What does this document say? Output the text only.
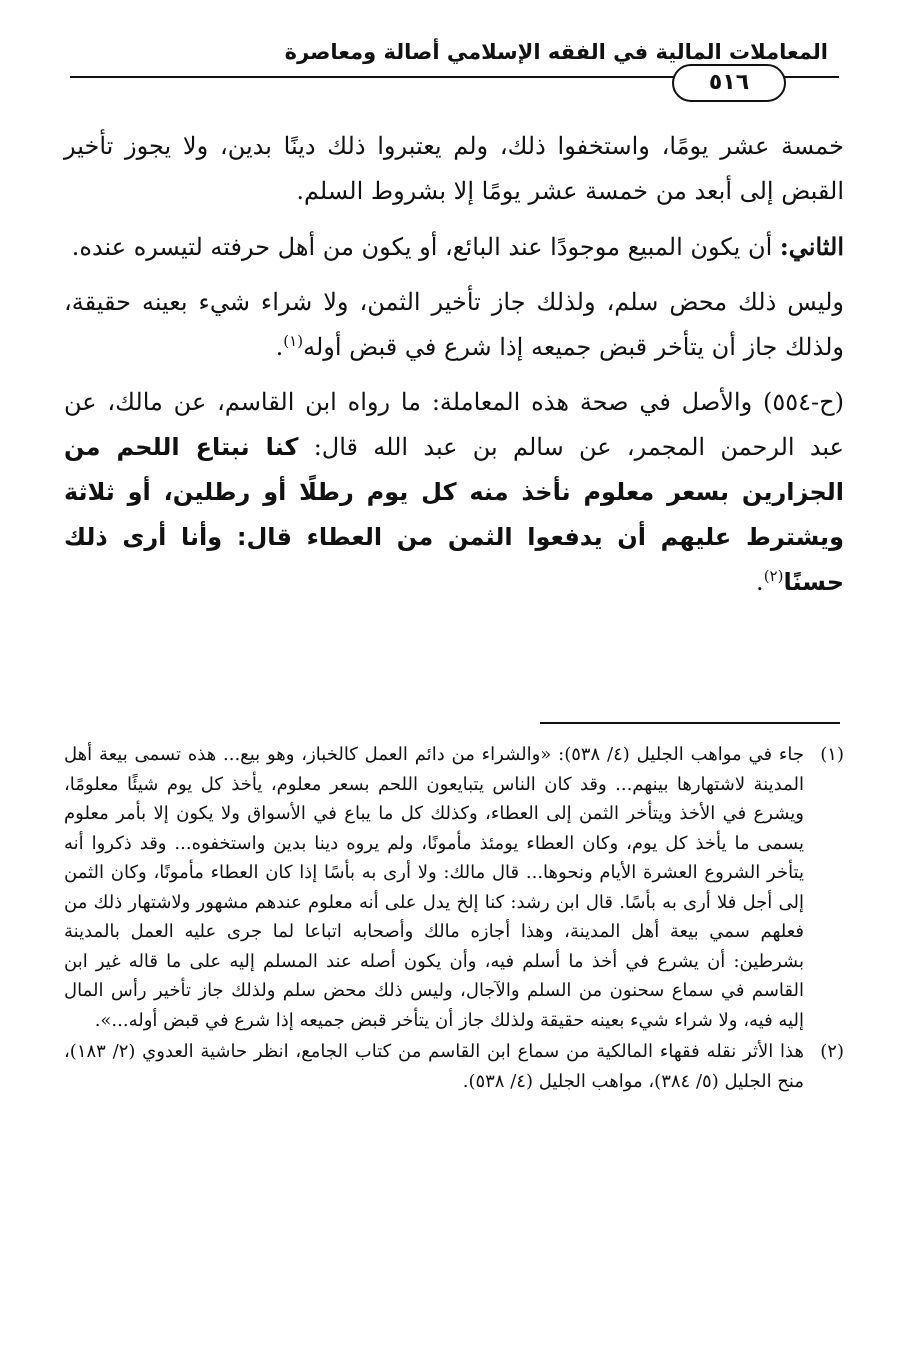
المعاملات المالية في الفقه الإسلامي أصالة ومعاصرة
٥١٦

خمسة عشر يومًا، واستخفوا ذلك، ولم يعتبروا ذلك دينًا بدين، ولا يجوز تأخير القبض إلى أبعد من خمسة عشر يومًا إلا بشروط السلم.

الثاني: أن يكون المبيع موجودًا عند البائع، أو يكون من أهل حرفته لتيسره عنده.

وليس ذلك محض سلم، ولذلك جاز تأخير الثمن، ولا شراء شيء بعينه حقيقة، ولذلك جاز أن يتأخر قبض جميعه إذا شرع في قبض أوله$^{(١)}$.

(ح-٥٥٤) والأصل في صحة هذه المعاملة: ما رواه ابن القاسم، عن مالك، عن عبد الرحمن المجمر، عن سالم بن عبد الله قال: كنا نبتاع اللحم من الجزارين بسعر معلوم نأخذ منه كل يوم رطلًا أو رطلين، أو ثلاثة ويشترط عليهم أن يدفعوا الثمن من العطاء قال: وأنا أرى ذلك حسنًا$^{(٢)}$.

(١)
جاء في مواهب الجليل (٤/ ٥٣٨): «والشراء من دائم العمل كالخباز، وهو بيع... هذه تسمى بيعة أهل المدينة لاشتهارها بينهم... وقد كان الناس يتبايعون اللحم بسعر معلوم، يأخذ كل يوم شيئًا معلومًا، ويشرع في الأخذ ويتأخر الثمن إلى العطاء، وكذلك كل ما يباع في الأسواق ولا يكون إلا بأمر معلوم يسمى ما يأخذ كل يوم، وكان العطاء يومئذ مأمونًا، ولم يروه دينا بدين واستخفوه... وقد ذكروا أنه يتأخر الشروع العشرة الأيام ونحوها... قال مالك: ولا أرى به بأسًا إذا كان العطاء مأمونًا، وكان الثمن إلى أجل فلا أرى به بأسًا. قال ابن رشد: كنا إلخ يدل على أنه معلوم عندهم مشهور ولاشتهار ذلك من فعلهم سمي بيعة أهل المدينة، وهذا أجازه مالك وأصحابه اتباعا لما جرى عليه العمل بالمدينة بشرطين: أن يشرع في أخذ ما أسلم فيه، وأن يكون أصله عند المسلم إليه على ما قاله غير ابن القاسم في سماع سحنون من السلم والآجال، وليس ذلك محض سلم ولذلك جاز تأخير رأس المال إليه فيه، ولا شراء شيء بعينه حقيقة ولذلك جاز أن يتأخر قبض جميعه إذا شرع في قبض أوله...».
(٢)
هذا الأثر نقله فقهاء المالكية من سماع ابن القاسم من كتاب الجامع، انظر حاشية العدوي (٢/ ١٨٣)، منح الجليل (٥/ ٣٨٤)، مواهب الجليل (٤/ ٥٣٨).
